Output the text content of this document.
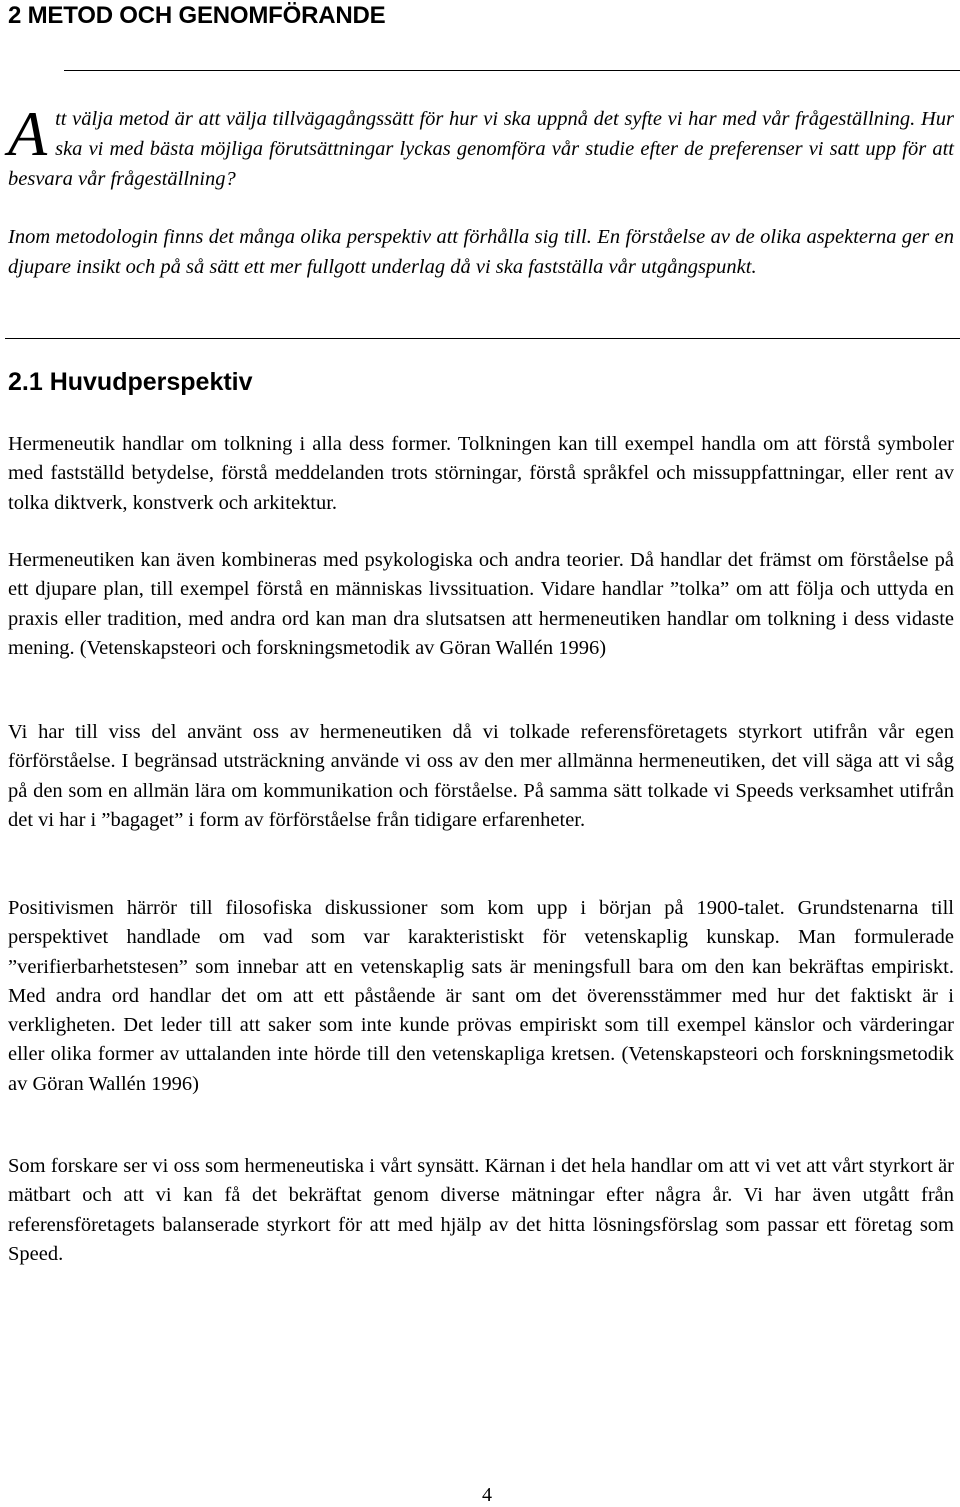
2 METOD OCH GENOMFÖRANDE

Att välja metod är att välja tillvägagångssätt för hur vi ska uppnå det syfte vi har med vår frågeställning. Hur ska vi med bästa möjliga förutsättningar lyckas genomföra vår studie efter de preferenser vi satt upp för att besvara vår frågeställning?

Inom metodologin finns det många olika perspektiv att förhålla sig till. En förståelse av de olika aspekterna ger en djupare insikt och på så sätt ett mer fullgott underlag då vi ska fastställa vår utgångspunkt.

2.1 Huvudperspektiv

Hermeneutik handlar om tolkning i alla dess former. Tolkningen kan till exempel handla om att förstå symboler med fastställd betydelse, förstå meddelanden trots störningar, förstå språkfel och missuppfattningar, eller rent av tolka diktverk, konstverk och arkitektur.

Hermeneutiken kan även kombineras med psykologiska och andra teorier. Då handlar det främst om förståelse på ett djupare plan, till exempel förstå en människas livssituation. Vidare handlar ”tolka” om att följa och uttyda en praxis eller tradition, med andra ord kan man dra slutsatsen att hermeneutiken handlar om tolkning i dess vidaste mening. (Vetenskapsteori och forskningsmetodik av Göran Wallén 1996)

Vi har till viss del använt oss av hermeneutiken då vi tolkade referensföretagets styrkort utifrån vår egen förförståelse. I begränsad utsträckning använde vi oss av den mer allmänna hermeneutiken, det vill säga att vi såg på den som en allmän lära om kommunikation och förståelse. På samma sätt tolkade vi Speeds verksamhet utifrån det vi har i ”bagaget” i form av förförståelse från tidigare erfarenheter.

Positivismen härrör till filosofiska diskussioner som kom upp i början på 1900-talet. Grundstenarna till perspektivet handlade om vad som var karakteristiskt för vetenskaplig kunskap. Man formulerade ”verifierbarhetstesen” som innebar att en vetenskaplig sats är meningsfull bara om den kan bekräftas empiriskt. Med andra ord handlar det om att ett påstående är sant om det överensstämmer med hur det faktiskt är i verkligheten. Det leder till att saker som inte kunde prövas empiriskt som till exempel känslor och värderingar eller olika former av uttalanden inte hörde till den vetenskapliga kretsen. (Vetenskapsteori och forskningsmetodik av Göran Wallén 1996)

Som forskare ser vi oss som hermeneutiska i vårt synsätt. Kärnan i det hela handlar om att vi vet att vårt styrkort är mätbart och att vi kan få det bekräftat genom diverse mätningar efter några år. Vi har även utgått från referensföretagets balanserade styrkort för att med hjälp av det hitta lösningsförslag som passar ett företag som Speed.

4
